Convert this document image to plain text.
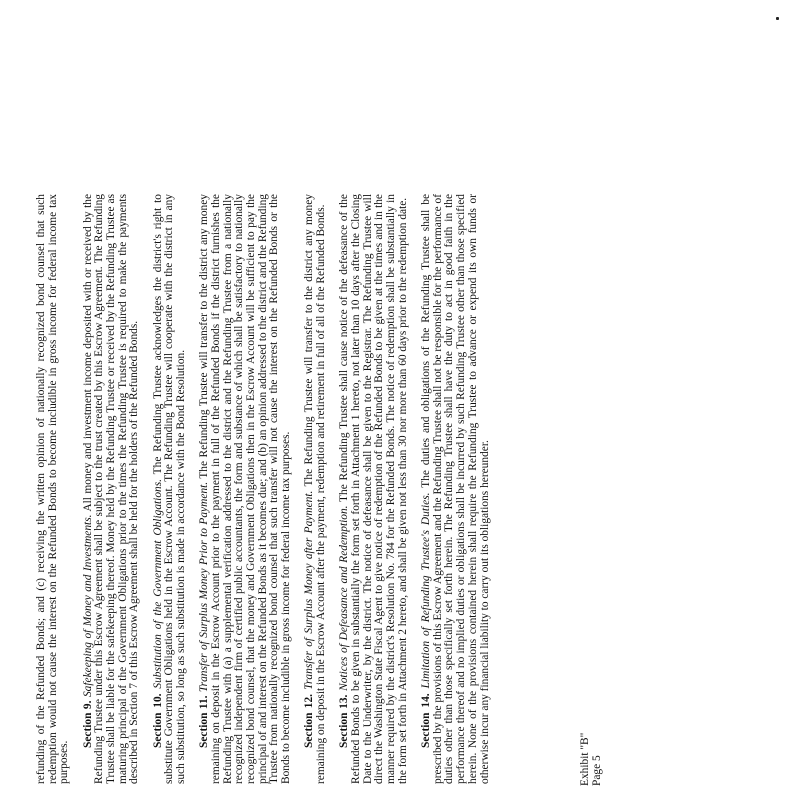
refunding of the Refunded Bonds; and (c) receiving the written opinion of nationally recognized bond counsel that such redemption would not cause the interest on the Refunded Bonds to become includible in gross income for federal income tax purposes.

Section 9. Safekeeping of Money and Investments. All money and investment income deposited with or received by the Refunding Trustee under this Escrow Agreement shall be subject to the trust created by this Escrow Agreement. The Refunding Trustee shall be liable for the safekeeping thereof. Money held by the Refunding Trustee or received by the Refunding Trustee as maturing principal of the Government Obligations prior to the times the Refunding Trustee is required to make the payments described in Section 7 of this Escrow Agreement shall be held for the holders of the Refunded Bonds. Section 10. Substitution of the Government Obligations. The Refunding Trustee acknowledges the district's right to substitute Government Obligations held in the Escrow Account. The Refunding Trustee will cooperate with the district in any such substitution, so long as such substitution is made in accordance with the Bond Resolution. Section 11. Transfer of Surplus Money Prior to Payment. The Refunding Trustee will transfer to the district any money remaining on deposit in the Escrow Account prior to the payment in full of the Refunded Bonds if the district furnishes the Refunding Trustee with (a) a supplemental verification addressed to the district and the Refunding Trustee from a nationally recognized independent firm of certified public accountants, the form and substance of which shall be satisfactory to nationally recognized bond counsel, that the money and Government Obligations then in the Escrow Account will be sufficient to pay the principal of and interest on the Refunded Bonds as it becomes due; and (b) an opinion addressed to the district and the Refunding Trustee from nationally recognized bond counsel that such transfer will not cause the interest on the Refunded Bonds or the Bonds to become includible in gross income for federal income tax purposes. Section 12. Transfer of Surplus Money after Payment. The Refunding Trustee will transfer to the district any money remaining on deposit in the Escrow Account after the payment, redemption and retirement in full of all of the Refunded Bonds. Section 13. Notices of Defeasance and Redemption. The Refunding Trustee shall cause notice of the defeasance of the Refunded Bonds to be given in substantially the form set forth in Attachment 1 hereto, not later than 10 days after the Closing Date to the Underwriter, by the district. The notice of defeasance shall be given to the Registrar. The Refunding Trustee will direct the Washington State Fiscal Agent to give notice of redemption of the Refunded Bonds to be given at the times and in the manner required by the district's Resolution No. 784 for the Refunded Bonds. The notice of redemption shall be substantially in the form set forth in Attachment 2 hereto, and shall be given not less than 30 nor more than 60 days prior to the redemption date. Section 14. Limitation of Refunding Trustee's Duties. The duties and obligations of the Refunding Trustee shall be prescribed by the provisions of this Escrow Agreement and the Refunding Trustee shall not be responsible for the performance of duties other than those specifically set forth herein. The Refunding Trustee shall have the duty to act in good faith in the performance thereof and no implied duties or obligations shall be incurred by such Refunding Trustee other than those specified herein. None of the provisions contained herein shall require the Refunding Trustee to advance or expend its own funds or otherwise incur any financial liability to carry out its obligations hereunder.	Exhibit "B" Page 5
